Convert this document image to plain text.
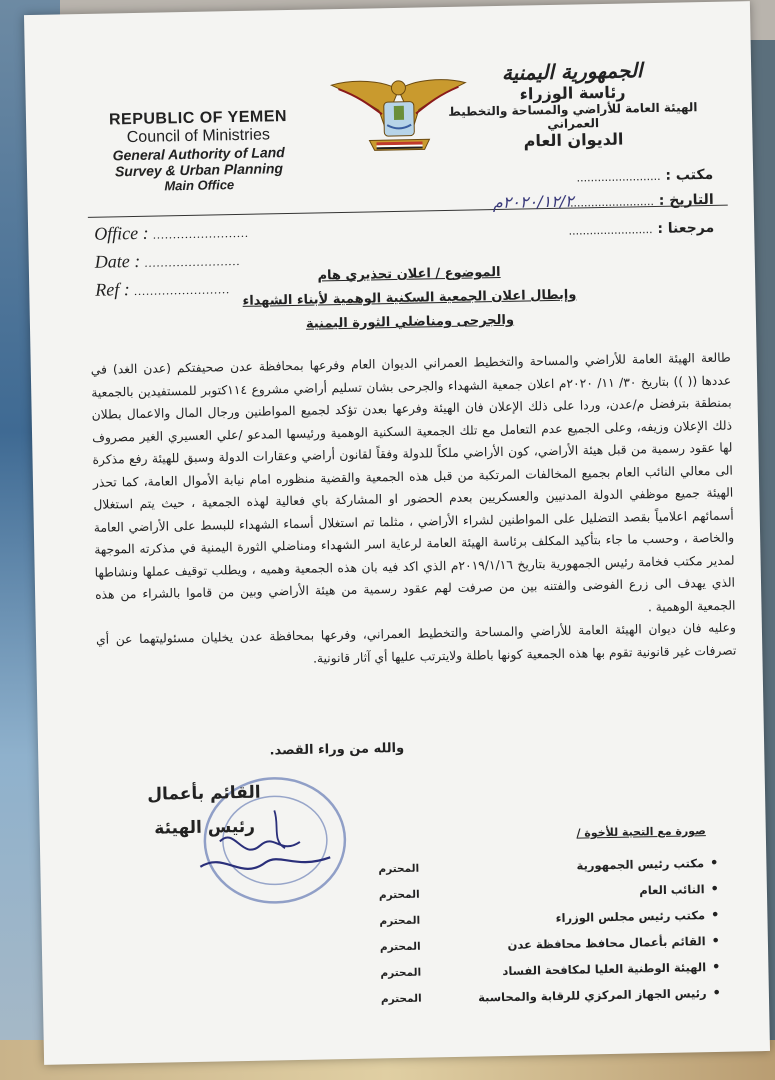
REPUBLIC OF YEMEN
Council of Ministries
General Authority of Land
Survey & Urban Planning
Main Office
الجمهورية اليمنية
رئاسة الوزراء
الهيئة العامة للأراضي والمساحة والتخطيط العمراني
الديوان العام
Office : ........................
Date : ........................
Ref : ........................
مكتب : ........................
التاريخ : ........................
٢٠٢٠/١٢/٢م
مرجعنا : ........................
الموضوع / اعلان تحذيري هام
وإبطال اعلان الجمعية السكنية الوهمية لأبناء الشهداء
والجرحى ومناضلي الثورة اليمنية

طالعة الهيئة العامة للأراضي والمساحة والتخطيط العمراني الديوان العام وفرعها بمحافظة عدن صحيفتكم (عدن الغد) في عددها (( )) بتاريخ ٣٠/ ١١/ ٢٠٢٠م اعلان جمعية الشهداء والجرحى بشان تسليم أراضي مشروع ١١٤كتوبر للمستفيدين بالجمعية بمنطقة بترفضل م/عدن، وردا على ذلك الإعلان فان الهيئة وفرعها بعدن تؤكد لجميع المواطنين ورجال المال والاعمال بطلان ذلك الإعلان وزيفه، وعلى الجميع عدم التعامل مع تلك الجمعية السكنية الوهمية ورئيسها المدعو /علي العسيري الغير مصروف لها عقود رسمية من قبل هيئة الأراضي، كون الأراضي ملكاً للدولة وفقاً لقانون أراضي وعقارات الدولة وسبق للهيئة رفع مذكرة الى معالي النائب العام بجميع المخالفات المرتكبة من قبل هذه الجمعية والقضية منظوره امام نيابة الأموال العامة، كما تحذر الهيئة جميع موظفي الدولة المدنيين والعسكريين بعدم الحضور او المشاركة باي فعالية لهذه الجمعية ، حيث يتم استغلال أسمائهم اعلامياً بقصد التضليل على المواطنين لشراء الأراضي ، مثلما تم استغلال أسماء الشهداء للبسط على الأراضي العامة والخاصة ، وحسب ما جاء بتأكيد المكلف برئاسة الهيئة العامة لرعاية اسر الشهداء ومناضلي الثورة اليمنية في مذكرته الموجهة لمدير مكتب فخامة رئيس الجمهورية بتاريخ ٢٠١٩/١/١٦م الذي اكد فيه بان هذه الجمعية وهميه ، ويطلب توقيف عملها ونشاطها الذي يهدف الى زرع الفوضى والفتنه بين من صرفت لهم عقود رسمية من هيئة الأراضي وبين من قاموا بالشراء من هذه الجمعية الوهمية .

وعليه فان ديوان الهيئة العامة للأراضي والمساحة والتخطيط العمراني، وفرعها بمحافظة عدن يخليان مسئوليتهما عن أي تصرفات غير قانونية تقوم بها هذه الجمعية كونها باطلة ولايترتب عليها أي آثار قانونية.

والله من وراء القصد.
القائم بأعمال
رئيس الهيئة	صورة مع التحية للأخوة /
•
مكتب رئيس الجمهورية
المحترم
•
النائب العام
المحترم
•
مكتب رئيس مجلس الوزراء
المحترم
•
القائم بأعمال محافظ محافظة عدن
المحترم
•
الهيئة الوطنية العليا لمكافحة الفساد
المحترم
•
رئيس الجهاز المركزي للرقابة والمحاسبة
المحترم
